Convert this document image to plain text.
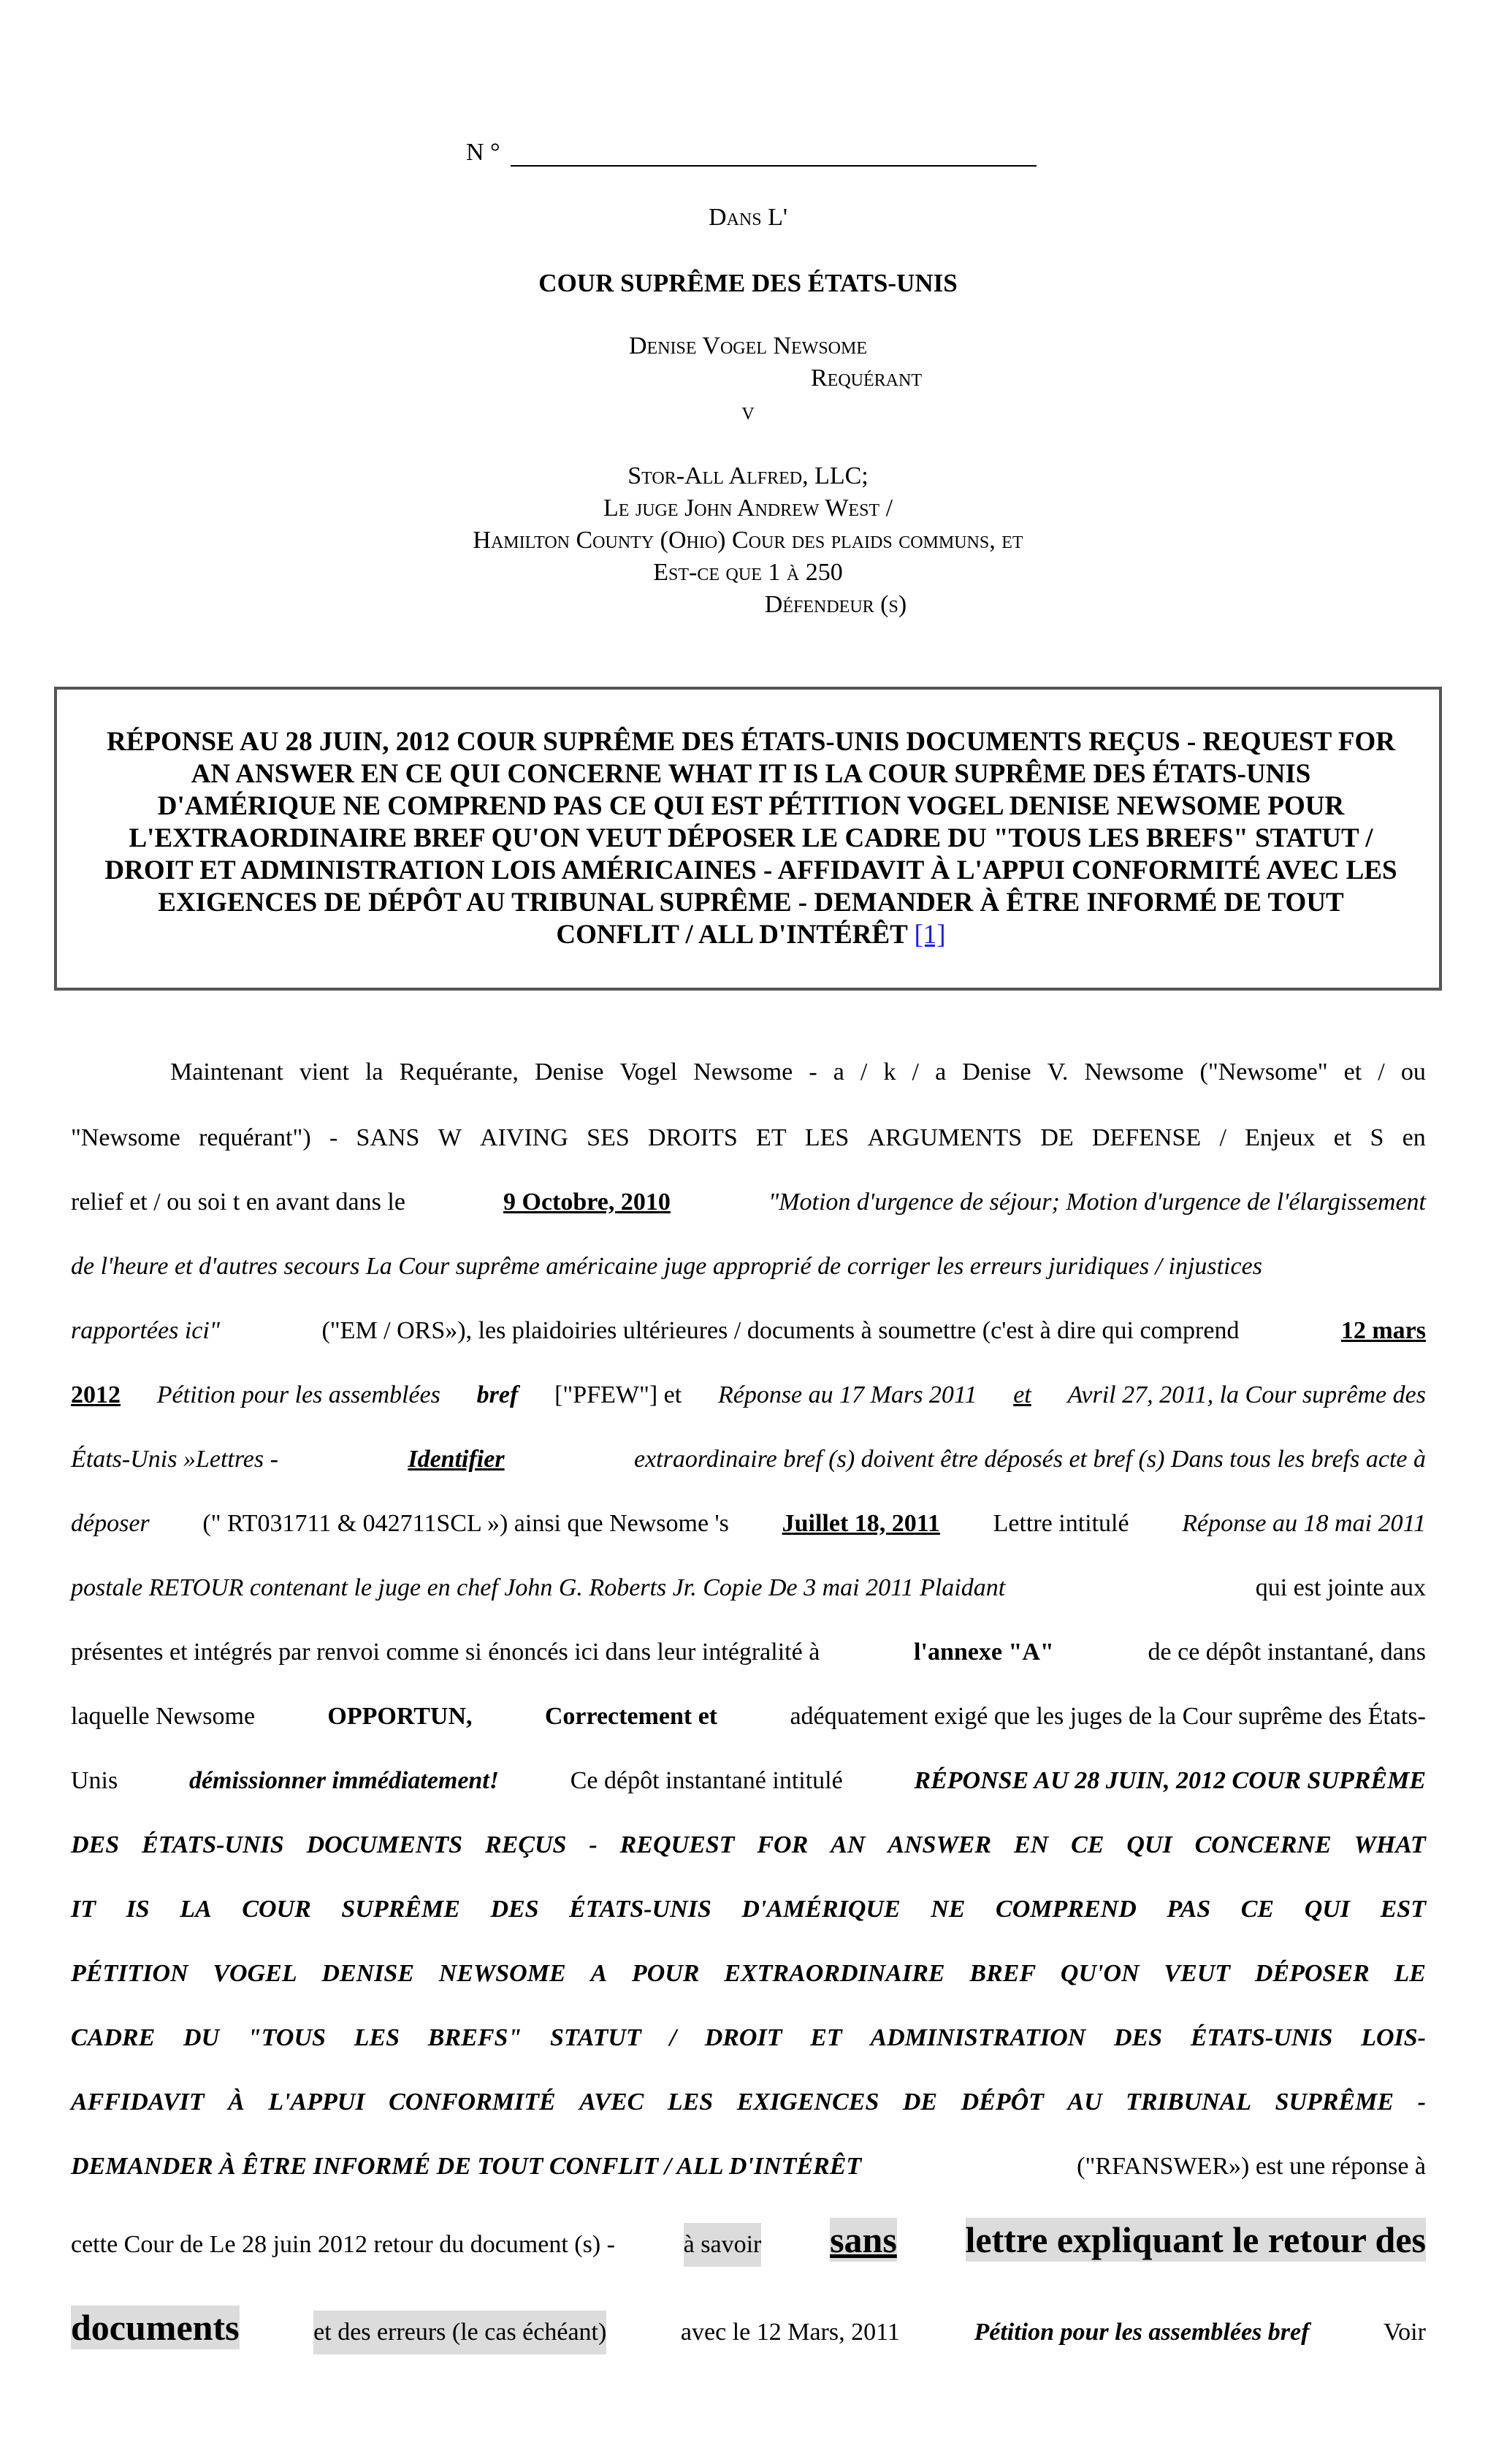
N °
Dans L'
COUR SUPRÊME DES ÉTATS-UNIS
Denise Vogel Newsome
Requérant
v
Stor-All Alfred, LLC;
Le juge John Andrew West /
Hamilton County (Ohio) Cour des plaids communs, et
Est-ce que 1 à 250
Défendeur (s)
RÉPONSE AU 28 JUIN, 2012 COUR SUPRÊME DES ÉTATS-UNIS DOCUMENTS REÇUS - REQUEST FOR AN ANSWER EN CE QUI CONCERNE WHAT IT IS LA COUR SUPRÊME DES ÉTATS-UNIS D'AMÉRIQUE NE COMPREND PAS CE QUI EST PÉTITION VOGEL DENISE NEWSOME POUR L'EXTRAORDINAIRE BREF QU'ON VEUT DÉPOSER LE CADRE DU "TOUS LES BREFS" STATUT / DROIT ET ADMINISTRATION LOIS AMÉRICAINES - AFFIDAVIT À L'APPUI CONFORMITÉ AVEC LES EXIGENCES DE DÉPÔT AU TRIBUNAL SUPRÊME - DEMANDER À ÊTRE INFORMÉ DE TOUT CONFLIT / ALL D'INTÉRÊT [1]
Maintenant vient la Requérante, Denise Vogel Newsome - a / k / a Denise V. Newsome ("Newsome" et / ou
"Newsome requérant") - SANS W AIVING SES DROITS ET LES ARGUMENTS DE DEFENSE / Enjeux et S en
relief et / ou soi t en avant dans le	9 Octobre, 2010	"Motion d'urgence de séjour; Motion d'urgence de l'élargissement
de l'heure et d'autres secours La Cour suprême américaine juge approprié de corriger les erreurs juridiques / injustices
rapportées ici"	("EM / ORS»), les plaidoiries ultérieures / documents à soumettre (c'est à dire qui comprend	12 mars
2012 Pétition pour les assemblées bref ["PFEW"] et Réponse au 17 Mars 2011 et Avril 27, 2011, la Cour suprême des
États-Unis »Lettres -	Identifier	extraordinaire bref (s) doivent être déposés et bref (s) Dans tous les brefs acte à
déposer (" RT031711 & 042711SCL ») ainsi que Newsome 's Juillet 18, 2011 Lettre intitulé Réponse au 18 mai 2011
postale RETOUR contenant le juge en chef John G. Roberts Jr. Copie De 3 mai 2011 Plaidant	qui est jointe aux
présentes et intégrés par renvoi comme si énoncés ici dans leur intégralité à	l'annexe "A"	de ce dépôt instantané, dans
laquelle Newsome	OPPORTUN,	Correctement et	adéquatement exigé que les juges de la Cour suprême des États-
Unis	démissionner immédiatement!	Ce dépôt instantané intitulé	RÉPONSE AU 28 JUIN, 2012 COUR SUPRÊME
DES ÉTATS-UNIS DOCUMENTS REÇUS - REQUEST FOR AN ANSWER EN CE QUI CONCERNE WHAT
IT IS LA COUR SUPRÊME DES ÉTATS-UNIS D'AMÉRIQUE NE COMPREND PAS CE QUI EST
PÉTITION VOGEL DENISE NEWSOME A POUR EXTRAORDINAIRE BREF QU'ON VEUT DÉPOSER LE
CADRE DU "TOUS LES BREFS" STATUT / DROIT ET ADMINISTRATION DES ÉTATS-UNIS LOIS-
AFFIDAVIT À L'APPUI CONFORMITÉ AVEC LES EXIGENCES DE DÉPÔT AU TRIBUNAL SUPRÊME -
DEMANDER À ÊTRE INFORMÉ DE TOUT CONFLIT / ALL D'INTÉRÊT	("RFANSWER») est une réponse à
cette Cour de Le 28 juin 2012 retour du document (s) -	à savoir sans lettre expliquant le retour des
documents	et des erreurs (le cas échéant)	avec le 12 Mars, 2011	Pétition pour les assemblées bref	Voir
